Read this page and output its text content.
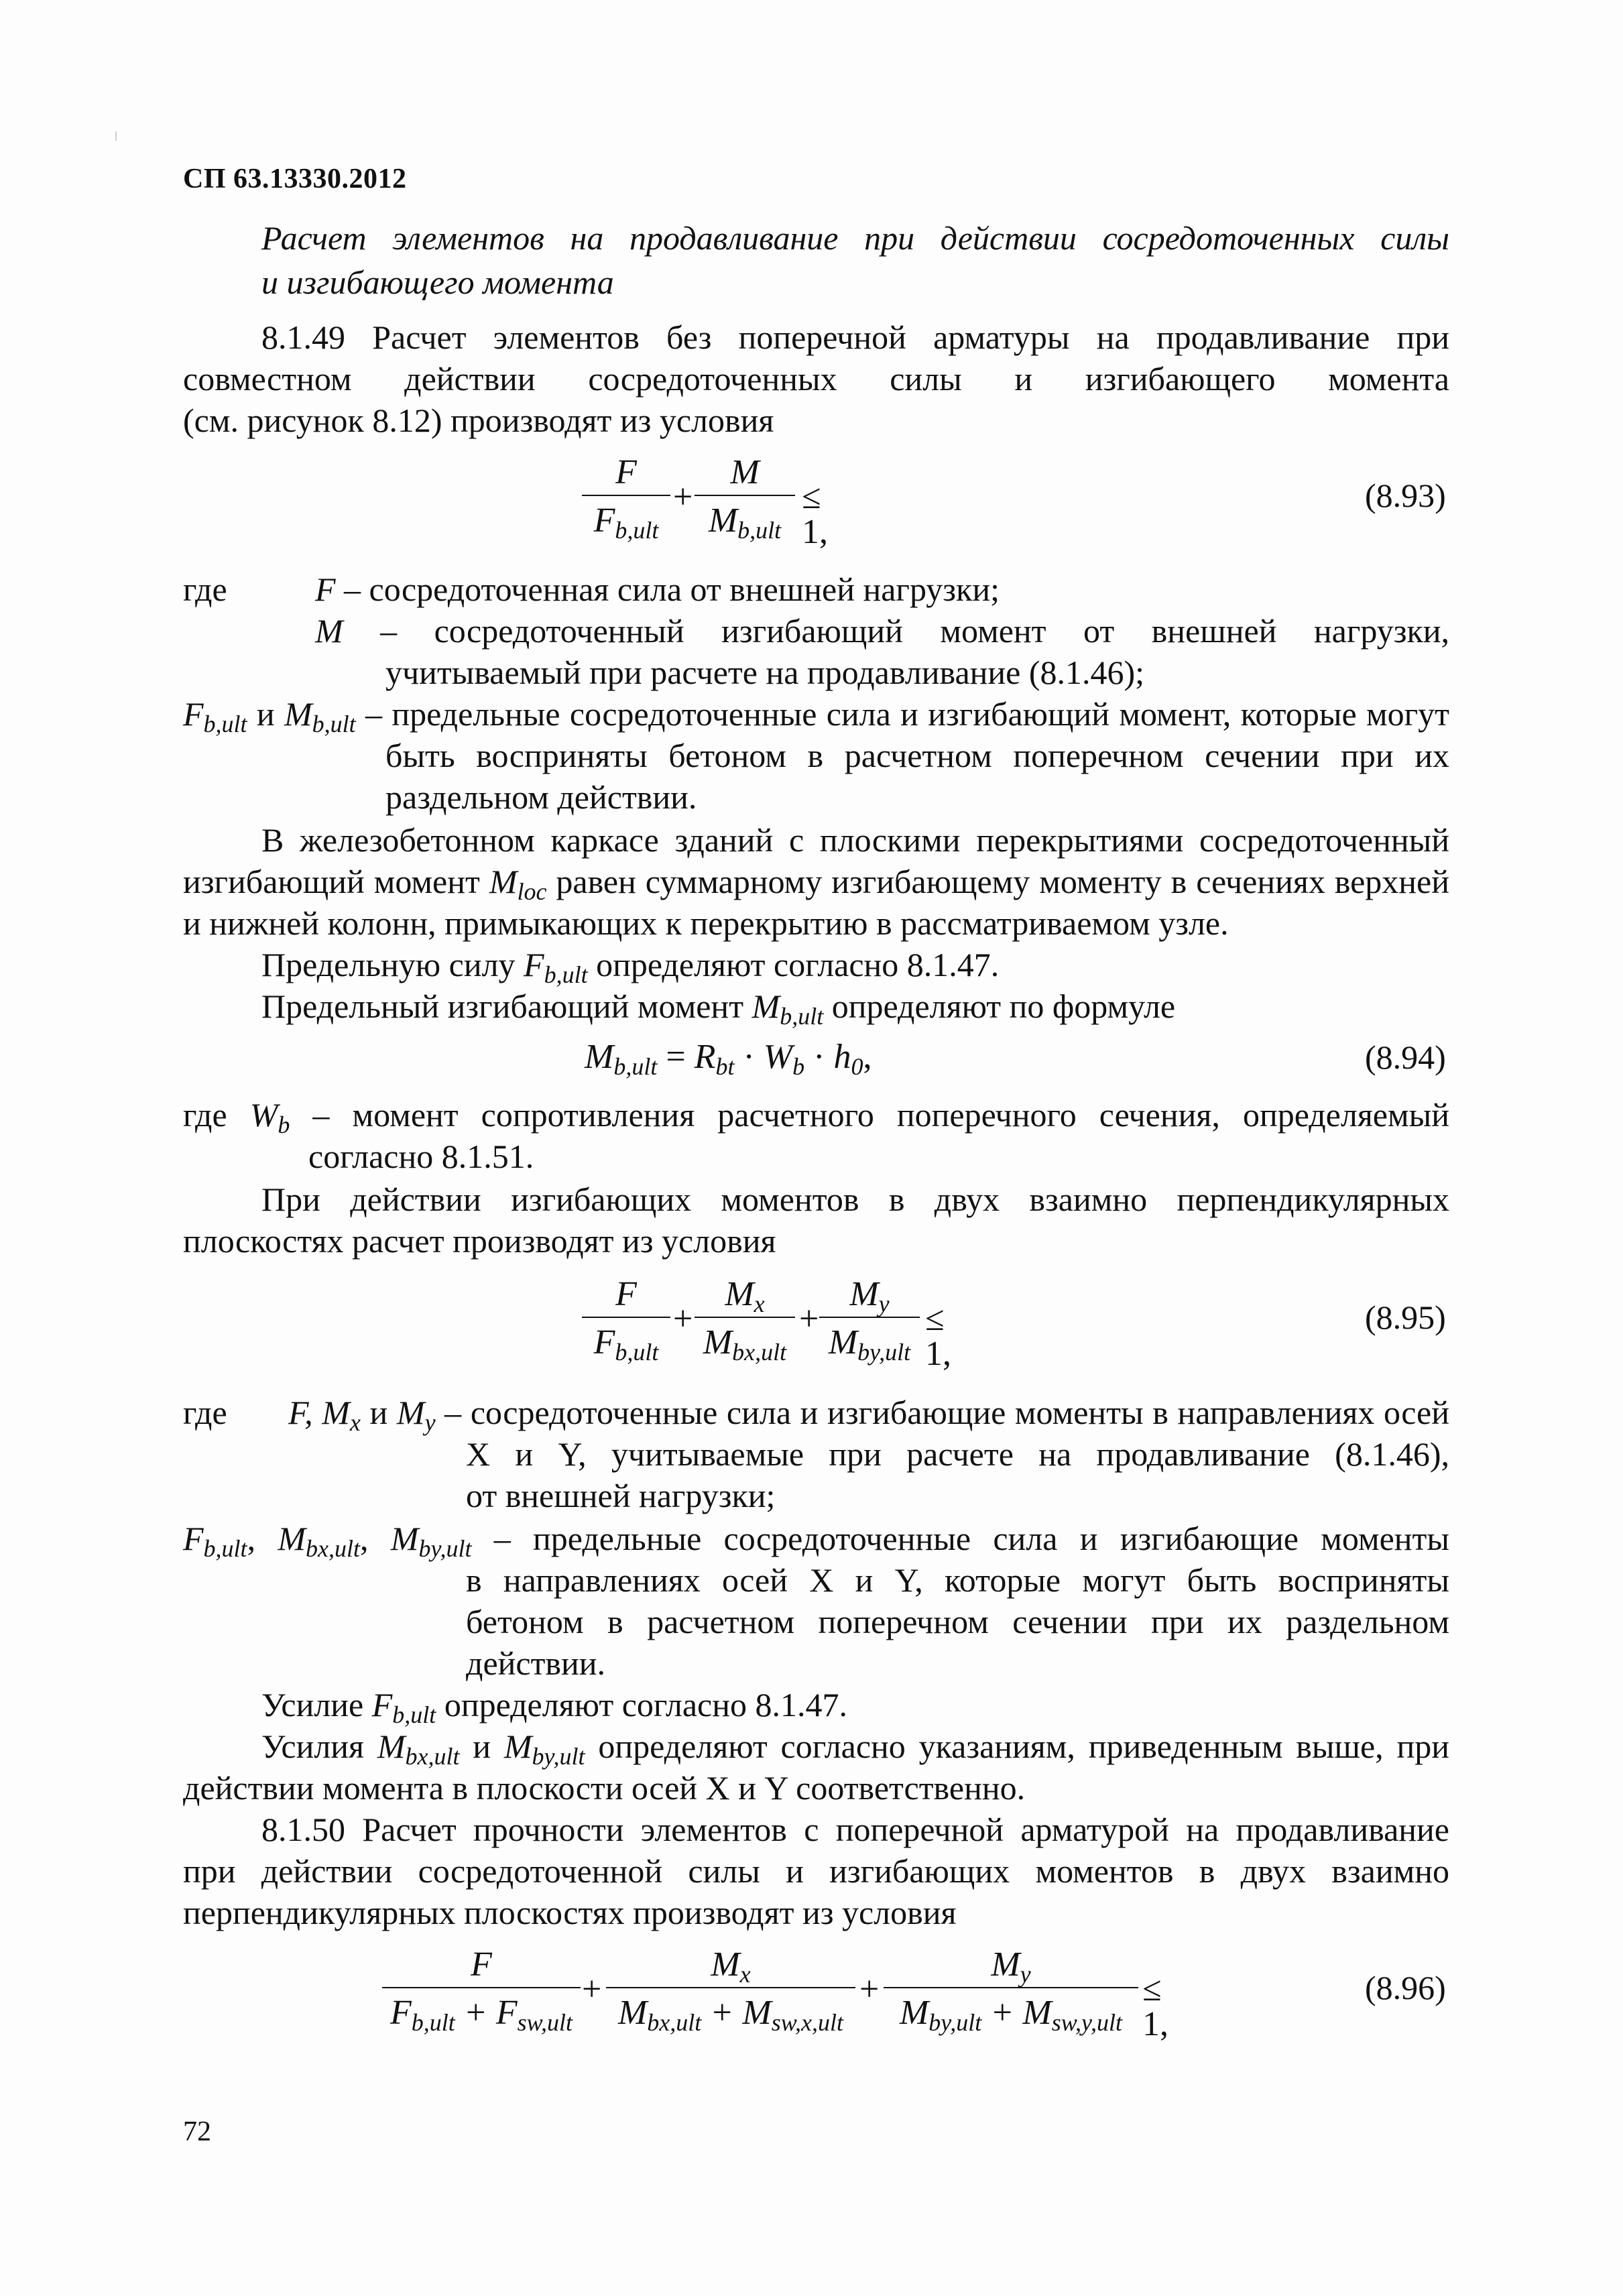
СП 63.13330.2012
Расчет элементов на продавливание при действии сосредоточенных силы
и изгибающего момента
8.1.49 Расчет элементов без поперечной арматуры на продавливание при
совместном действии сосредоточенных силы и изгибающего момента
(см. рисунок 8.12) производят из условия
F
Fb,ult
+
M
Mb,ult
≤ 1,
(8.93)
где	F – сосредоточенная сила от внешней нагрузки;
M – сосредоточенный изгибающий момент от внешней нагрузки,
учитываемый при расчете на продавливание (8.1.46);
$F_{b,ult}$ и $M_{b,ult}$ – предельные сосредоточенные сила и изгибающий момент, которые могут
быть восприняты бетоном в расчетном поперечном сечении при их
раздельном действии.
В железобетонном каркасе зданий с плоскими перекрытиями сосредоточенный
изгибающий момент $M_{loc}$ равен суммарному изгибающему моменту в сечениях верхней
и нижней колонн, примыкающих к перекрытию в рассматриваемом узле.
Предельную силу $F_{b,ult}$ определяют согласно 8.1.47.
Предельный изгибающий момент $M_{b,ult}$ определяют по формуле
Mb,ult = Rbt · Wb · h0,	(8.94)
где $W_b$ – момент сопротивления расчетного поперечного сечения, определяемый
согласно 8.1.51.
При действии изгибающих моментов в двух взаимно перпендикулярных
плоскостях расчет производят из условия
F
Fb,ult
+
Mx
Mbx,ult
+
My
Mby,ult
≤ 1,
(8.95)
где F, $M_x$ и $M_y$ – сосредоточенные сила и изгибающие моменты в направлениях осей
X и Y, учитываемые при расчете на продавливание (8.1.46),
от внешней нагрузки;
$F_{b,ult}$, $M_{bx,ult}$, $M_{by,ult}$ – предельные сосредоточенные сила и изгибающие моменты
в направлениях осей X и Y, которые могут быть восприняты
бетоном в расчетном поперечном сечении при их раздельном
действии.
Усилие $F_{b,ult}$ определяют согласно 8.1.47.
Усилия $M_{bx,ult}$ и $M_{by,ult}$ определяют согласно указаниям, приведенным выше, при
действии момента в плоскости осей X и Y соответственно.
8.1.50 Расчет прочности элементов с поперечной арматурой на продавливание
при действии сосредоточенной силы и изгибающих моментов в двух взаимно
перпендикулярных плоскостях производят из условия
F
Fb,ult + Fsw,ult
+
Mx
Mbx,ult + Msw,x,ult
+
My
Mby,ult + Msw,y,ult
≤ 1,
(8.96)
72
